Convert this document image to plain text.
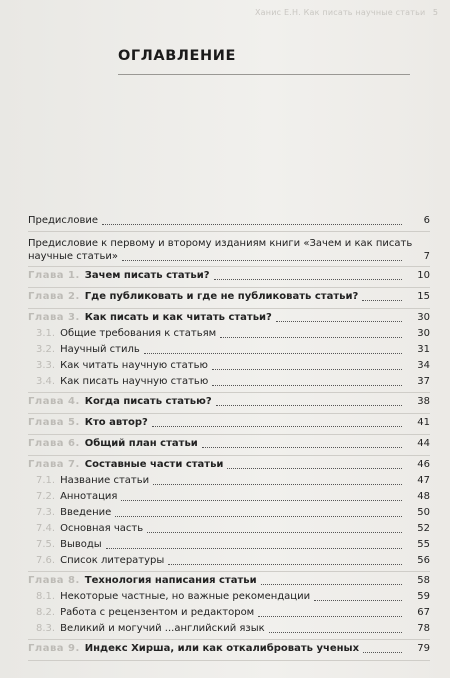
Ханис Е.Н. Как писать научные статьи 5
ОГЛАВЛЕНИЕ
Предисловие	6
Предисловие к первому и второму изданиям книги «Зачем и как писать
научные статьи»	7
Глава 1. Зачем писать статьи?	10
Глава 2. Где публиковать и где не публиковать статьи?	15
Глава 3. Как писать и как читать статьи?	30
3.1. Общие требования к статьям	30
3.2. Научный стиль	31
3.3. Как читать научную статью	34
3.4. Как писать научную статью	37
Глава 4. Когда писать статью?	38
Глава 5. Кто автор?	41
Глава 6. Общий план статьи	44
Глава 7. Составные части статьи	46
7.1. Название статьи	47
7.2. Аннотация	48
7.3. Введение	50
7.4. Основная часть	52
7.5. Выводы	55
7.6. Список литературы	56
Глава 8. Технология написания статьи	58
8.1. Некоторые частные, но важные рекомендации	59
8.2. Работа с рецензентом и редактором	67
8.3. Великий и могучий ...английский язык	78
Глава 9. Индекс Хирша, или как откалибровать ученых	79
